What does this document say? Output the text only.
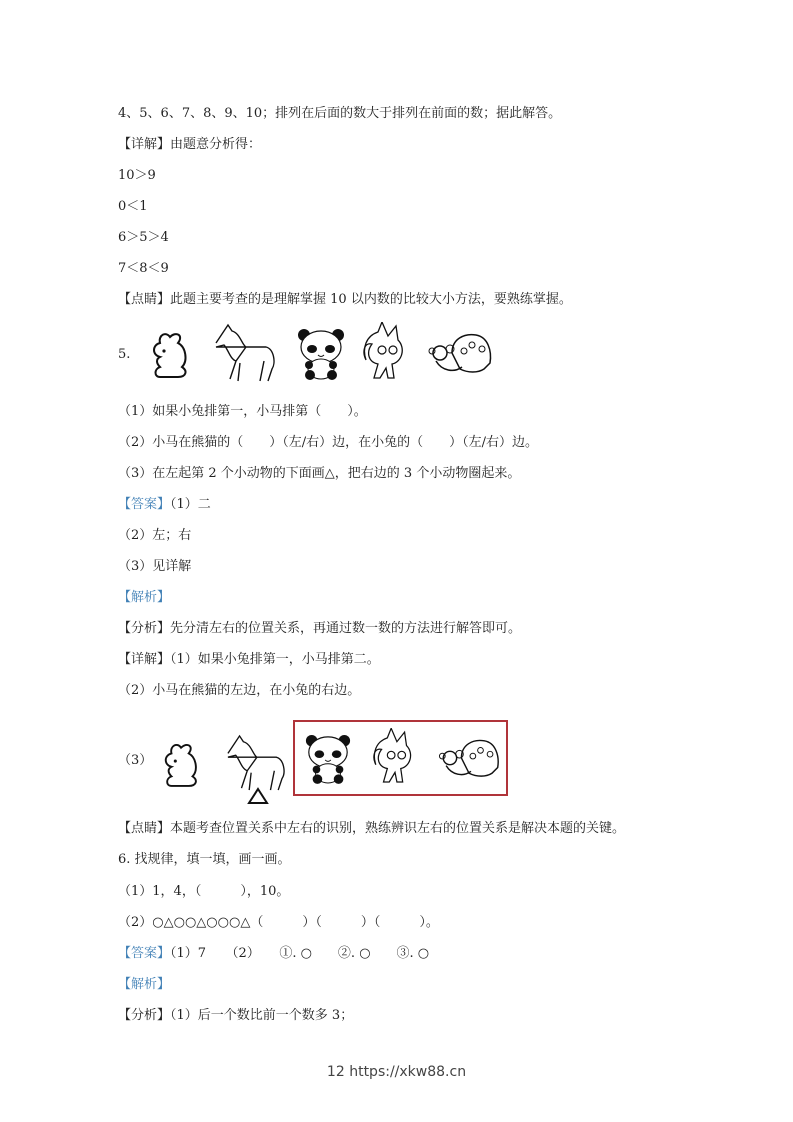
4、5、6、7、8、9、10；排列在后面的数大于排列在前面的数；据此解答。
【详解】由题意分析得：
10＞9
0＜1
6＞5＞4
7＜8＜9
【点睛】此题主要考查的是理解掌握 10 以内数的比较大小方法，要熟练掌握。
5.
（1）如果小兔排第一，小马排第（　　）。
（2）小马在熊猫的（　　）（左/右）边，在小兔的（　　）（左/右）边。
（3）在左起第 2 个小动物的下面画△，把右边的 3 个小动物圈起来。
【答案】（1）二
（2）左；右
（3）见详解
【解析】
【分析】先分清左右的位置关系，再通过数一数的方法进行解答即可。
【详解】（1）如果小兔排第一，小马排第二。
（2）小马在熊猫的左边，在小兔的右边。
（3）
【点睛】本题考查位置关系中左右的识别，熟练辨识左右的位置关系是解决本题的关键。
6. 找规律，填一填，画一画。
（1）1，4，（　　　），10。
（2）○△○○△○○○△（　　　）（　　　）（　　　）。
【答案】（1）7　　（2）　　①. ○　　②. ○　　③. ○
【解析】
【分析】（1）后一个数比前一个数多 3；
12 https://xkw88.cn
